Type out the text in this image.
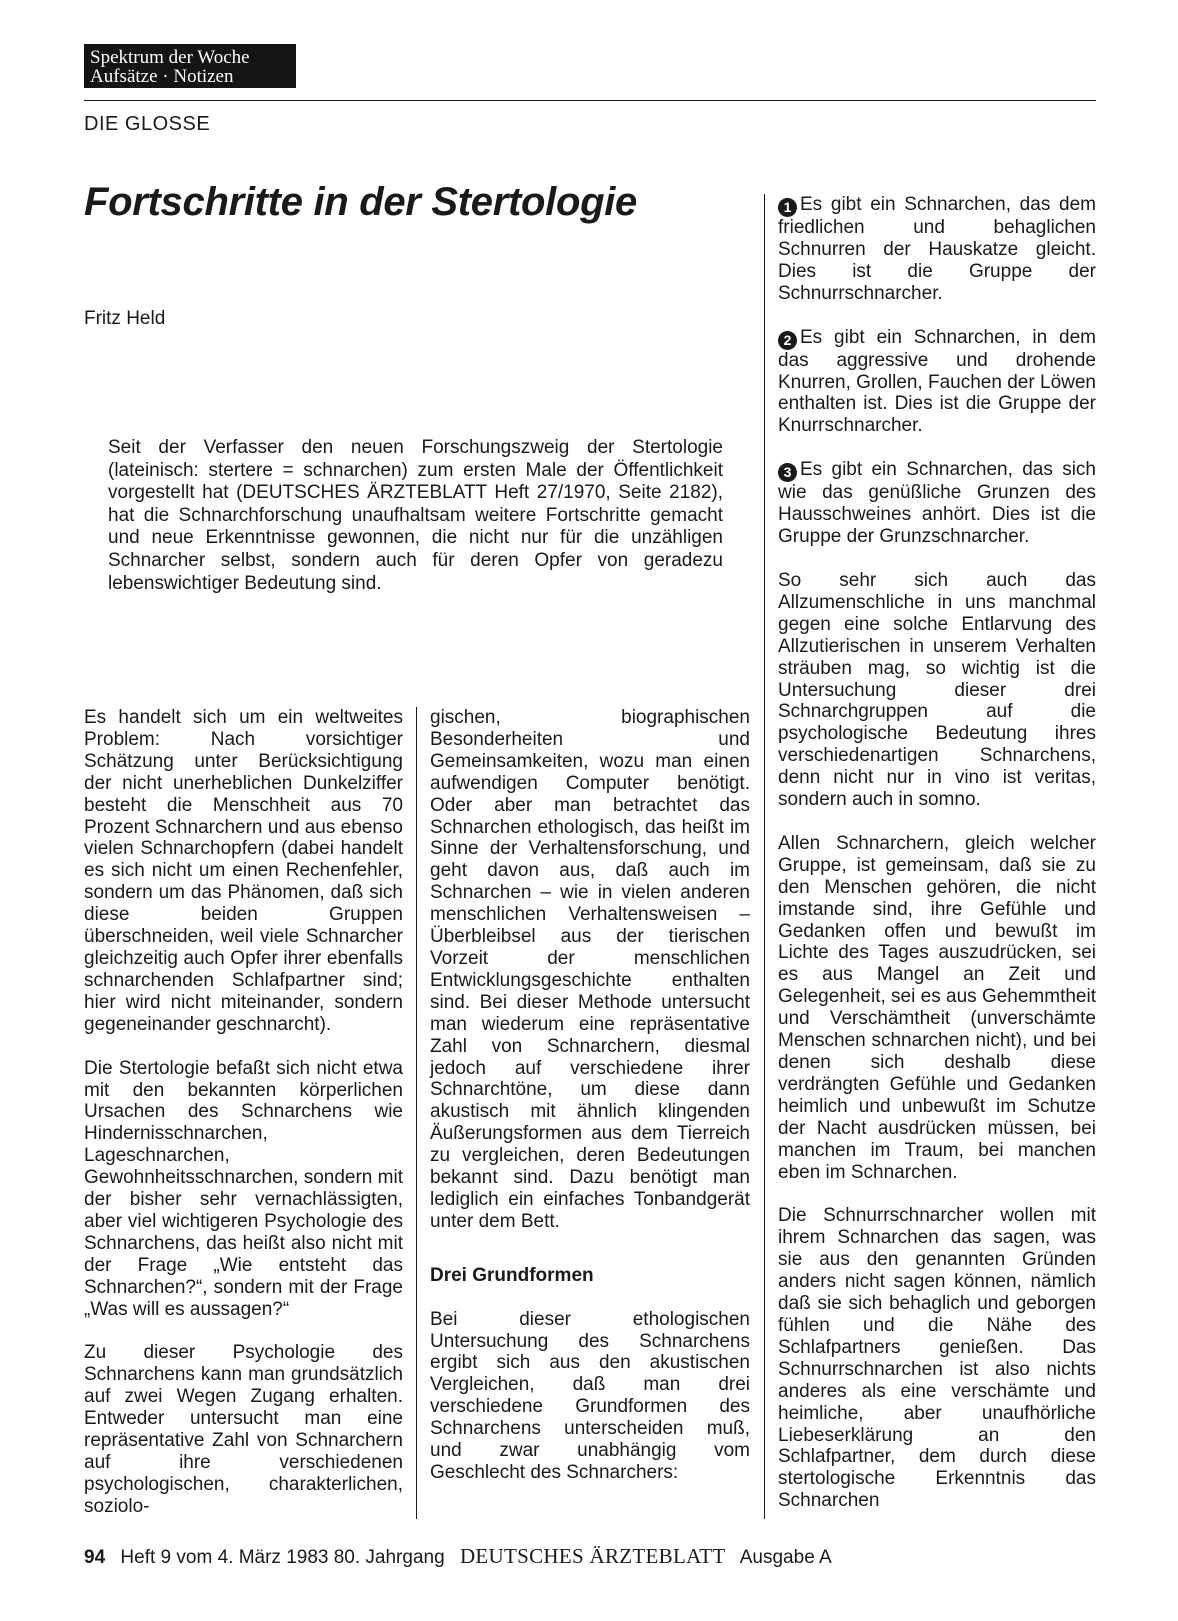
Spektrum der Woche
Aufsätze · Notizen
DIE GLOSSE
Fortschritte in der Stertologie
Fritz Held

Seit der Verfasser den neuen Forschungszweig der Stertologie (lateinisch: stertere = schnarchen) zum ersten Male der Öffentlichkeit vorgestellt hat (DEUTSCHES ÄRZTEBLATT Heft 27/1970, Seite 2182), hat die Schnarchforschung unaufhaltsam weitere Fortschritte gemacht und neue Erkenntnisse gewonnen, die nicht nur für die unzähligen Schnarcher selbst, sondern auch für deren Opfer von geradezu lebenswichtiger Bedeutung sind.

Es handelt sich um ein weltweites Problem: Nach vorsichtiger Schätzung unter Berücksichtigung der nicht unerheblichen Dunkelziffer besteht die Menschheit aus 70 Prozent Schnarchern und aus ebenso vielen Schnarchopfern (dabei handelt es sich nicht um einen Rechenfehler, sondern um das Phänomen, daß sich diese beiden Gruppen überschneiden, weil viele Schnarcher gleichzeitig auch Opfer ihrer ebenfalls schnarchenden Schlafpartner sind; hier wird nicht miteinander, sondern gegeneinander geschnarcht).

Die Stertologie befaßt sich nicht etwa mit den bekannten körperlichen Ursachen des Schnarchens wie Hindernisschnarchen, Lageschnarchen, Gewohnheitsschnarchen, sondern mit der bisher sehr vernachlässigten, aber viel wichtigeren Psychologie des Schnarchens, das heißt also nicht mit der Frage „Wie entsteht das Schnarchen?“, sondern mit der Frage „Was will es aussagen?“

Zu dieser Psychologie des Schnarchens kann man grundsätzlich auf zwei Wegen Zugang erhalten. Entweder untersucht man eine repräsentative Zahl von Schnarchern auf ihre verschiedenen psychologischen, charakterlichen, soziolo-

gischen, biographischen Besonderheiten und Gemeinsamkeiten, wozu man einen aufwendigen Computer benötigt. Oder aber man betrachtet das Schnarchen ethologisch, das heißt im Sinne der Verhaltensforschung, und geht davon aus, daß auch im Schnarchen – wie in vielen anderen menschlichen Verhaltensweisen – Überbleibsel aus der tierischen Vorzeit der menschlichen Entwicklungsgeschichte enthalten sind. Bei dieser Methode untersucht man wiederum eine repräsentative Zahl von Schnarchern, diesmal jedoch auf verschiedene ihrer Schnarchtöne, um diese dann akustisch mit ähnlich klingenden Äußerungsformen aus dem Tierreich zu vergleichen, deren Bedeutungen bekannt sind. Dazu benötigt man lediglich ein einfaches Tonbandgerät unter dem Bett.

Drei Grundformen

Bei dieser ethologischen Untersuchung des Schnarchens ergibt sich aus den akustischen Vergleichen, daß man drei verschiedene Grundformen des Schnarchens unterscheiden muß, und zwar unabhängig vom Geschlecht des Schnarchers:

1 Es gibt ein Schnarchen, das dem friedlichen und behaglichen Schnurren der Hauskatze gleicht. Dies ist die Gruppe der Schnurrschnarcher.

2 Es gibt ein Schnarchen, in dem das aggressive und drohende Knurren, Grollen, Fauchen der Löwen enthalten ist. Dies ist die Gruppe der Knurrschnarcher.

3 Es gibt ein Schnarchen, das sich wie das genüßliche Grunzen des Hausschweines anhört. Dies ist die Gruppe der Grunzschnarcher.

So sehr sich auch das Allzumenschliche in uns manchmal gegen eine solche Entlarvung des Allzutierischen in unserem Verhalten sträuben mag, so wichtig ist die Untersuchung dieser drei Schnarchgruppen auf die psychologische Bedeutung ihres verschiedenartigen Schnarchens, denn nicht nur in vino ist veritas, sondern auch in somno.

Allen Schnarchern, gleich welcher Gruppe, ist gemeinsam, daß sie zu den Menschen gehören, die nicht imstande sind, ihre Gefühle und Gedanken offen und bewußt im Lichte des Tages auszudrücken, sei es aus Mangel an Zeit und Gelegenheit, sei es aus Gehemmtheit und Verschämtheit (unverschämte Menschen schnarchen nicht), und bei denen sich deshalb diese verdrängten Gefühle und Gedanken heimlich und unbewußt im Schutze der Nacht ausdrücken müssen, bei manchen im Traum, bei manchen eben im Schnarchen.

Die Schnurrschnarcher wollen mit ihrem Schnarchen das sagen, was sie aus den genannten Gründen anders nicht sagen können, nämlich daß sie sich behaglich und geborgen fühlen und die Nähe des Schlafpartners genießen. Das Schnurrschnarchen ist also nichts anderes als eine verschämte und heimliche, aber unaufhörliche Liebeserklärung an den Schlafpartner, dem durch diese stertologische Erkenntnis das Schnarchen

94 Heft 9 vom 4. März 1983 80. Jahrgang DEUTSCHES ÄRZTEBLATT Ausgabe A
